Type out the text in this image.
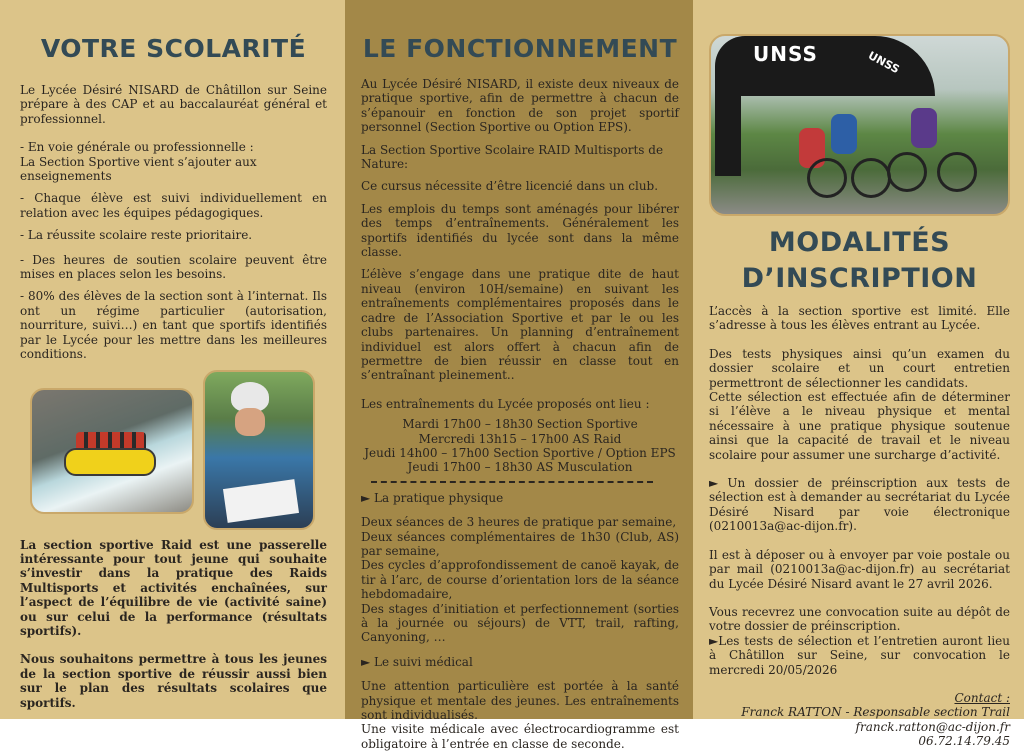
VOTRE SCOLARITÉ

Le Lycée Désiré NISARD de Châtillon sur Seine prépare à des CAP et au baccalauréat général et professionnel.

- En voie générale ou professionnelle :

La Section Sportive vient s’ajouter aux enseignements

- Chaque élève est suivi individuellement en relation avec les équipes pédagogiques.

- La réussite scolaire reste prioritaire.

- Des heures de soutien scolaire peuvent être mises en places selon les besoins.

- 80% des élèves de la section sont à l’internat. Ils ont un régime particulier (autorisation, nourriture, suivi…) en tant que sportifs identifiés par le Lycée pour les mettre dans les meilleures conditions.

La section sportive Raid est une passerelle intéressante pour tout jeune qui souhaite s’investir dans la pratique des Raids Multisports et activités enchaînées, sur l’aspect de l’équilibre de vie (activité saine) ou sur celui de la performance (résultats sportifs).

Nous souhaitons permettre à tous les jeunes de la section sportive de réussir aussi bien sur le plan des résultats scolaires que sportifs.

LE FONCTIONNEMENT

Au Lycée Désiré NISARD, il existe deux niveaux de pratique sportive, afin de permettre à chacun de s’épanouir en fonction de son projet sportif personnel (Section Sportive ou Option EPS).

La Section Sportive Scolaire RAID Multisports de Nature:

Ce cursus nécessite d’être licencié dans un club.

Les emplois du temps sont aménagés pour libérer des temps d’entraînements. Généralement les sportifs identifiés du lycée sont dans la même classe.

L’élève s’engage dans une pratique dite de haut niveau (environ 10H/semaine) en suivant les entraînements complémentaires proposés dans le cadre de l’Association Sportive et par le ou les clubs partenaires. Un planning d’entraînement individuel est alors offert à chacun afin de permettre de bien réussir en classe tout en s’entraînant pleinement..

Les entraînements du Lycée proposés ont lieu :

Mardi 17h00 – 18h30 Section Sportive

Mercredi 13h15 – 17h00 AS Raid

Jeudi 14h00 – 17h00 Section Sportive / Option EPS

Jeudi 17h00 – 18h30 AS Musculation

► La pratique physique

Deux séances de 3 heures de pratique par semaine,
Deux séances complémentaires de 1h30 (Club, AS) par semaine,
Des cycles d’approfondissement de canoë kayak, de tir à l’arc, de course d’orientation lors de la séance hebdomadaire,
Des stages d’initiation et perfectionnement (sorties à la journée ou séjours) de VTT, trail, rafting, Canyoning, …

► Le suivi médical

Une attention particulière est portée à la santé physique et mentale des jeunes. Les entraînements sont individualisés.
Une visite médicale avec électrocardiogramme est obligatoire à l’entrée en classe de seconde.

UNSS	UNSS
MODALITÉS
D’INSCRIPTION

L’accès à la section sportive est limité. Elle s’adresse à tous les élèves entrant au Lycée.

Des tests physiques ainsi qu’un examen du dossier scolaire et un court entretien permettront de sélectionner les candidats.
Cette sélection est effectuée afin de déterminer si l’élève a le niveau physique et mental nécessaire à une pratique physique soutenue ainsi que la capacité de travail et le niveau scolaire pour assumer une surcharge d’activité.

► Un dossier de préinscription aux tests de sélection est à demander au secrétariat du Lycée Désiré Nisard par voie électronique (0210013a@ac-dijon.fr).

Il est à déposer ou à envoyer par voie postale ou par mail (0210013a@ac-dijon.fr) au secrétariat du Lycée Désiré Nisard avant le 27 avril 2026.

Vous recevrez une convocation suite au dépôt de votre dossier de préinscription.
►Les tests de sélection et l’entretien auront lieu à Châtillon sur Seine, sur convocation le mercredi 20/05/2026

Contact :
Franck RATTON - Responsable section Trail
franck.ratton@ac-dijon.fr
06.72.14.79.45
